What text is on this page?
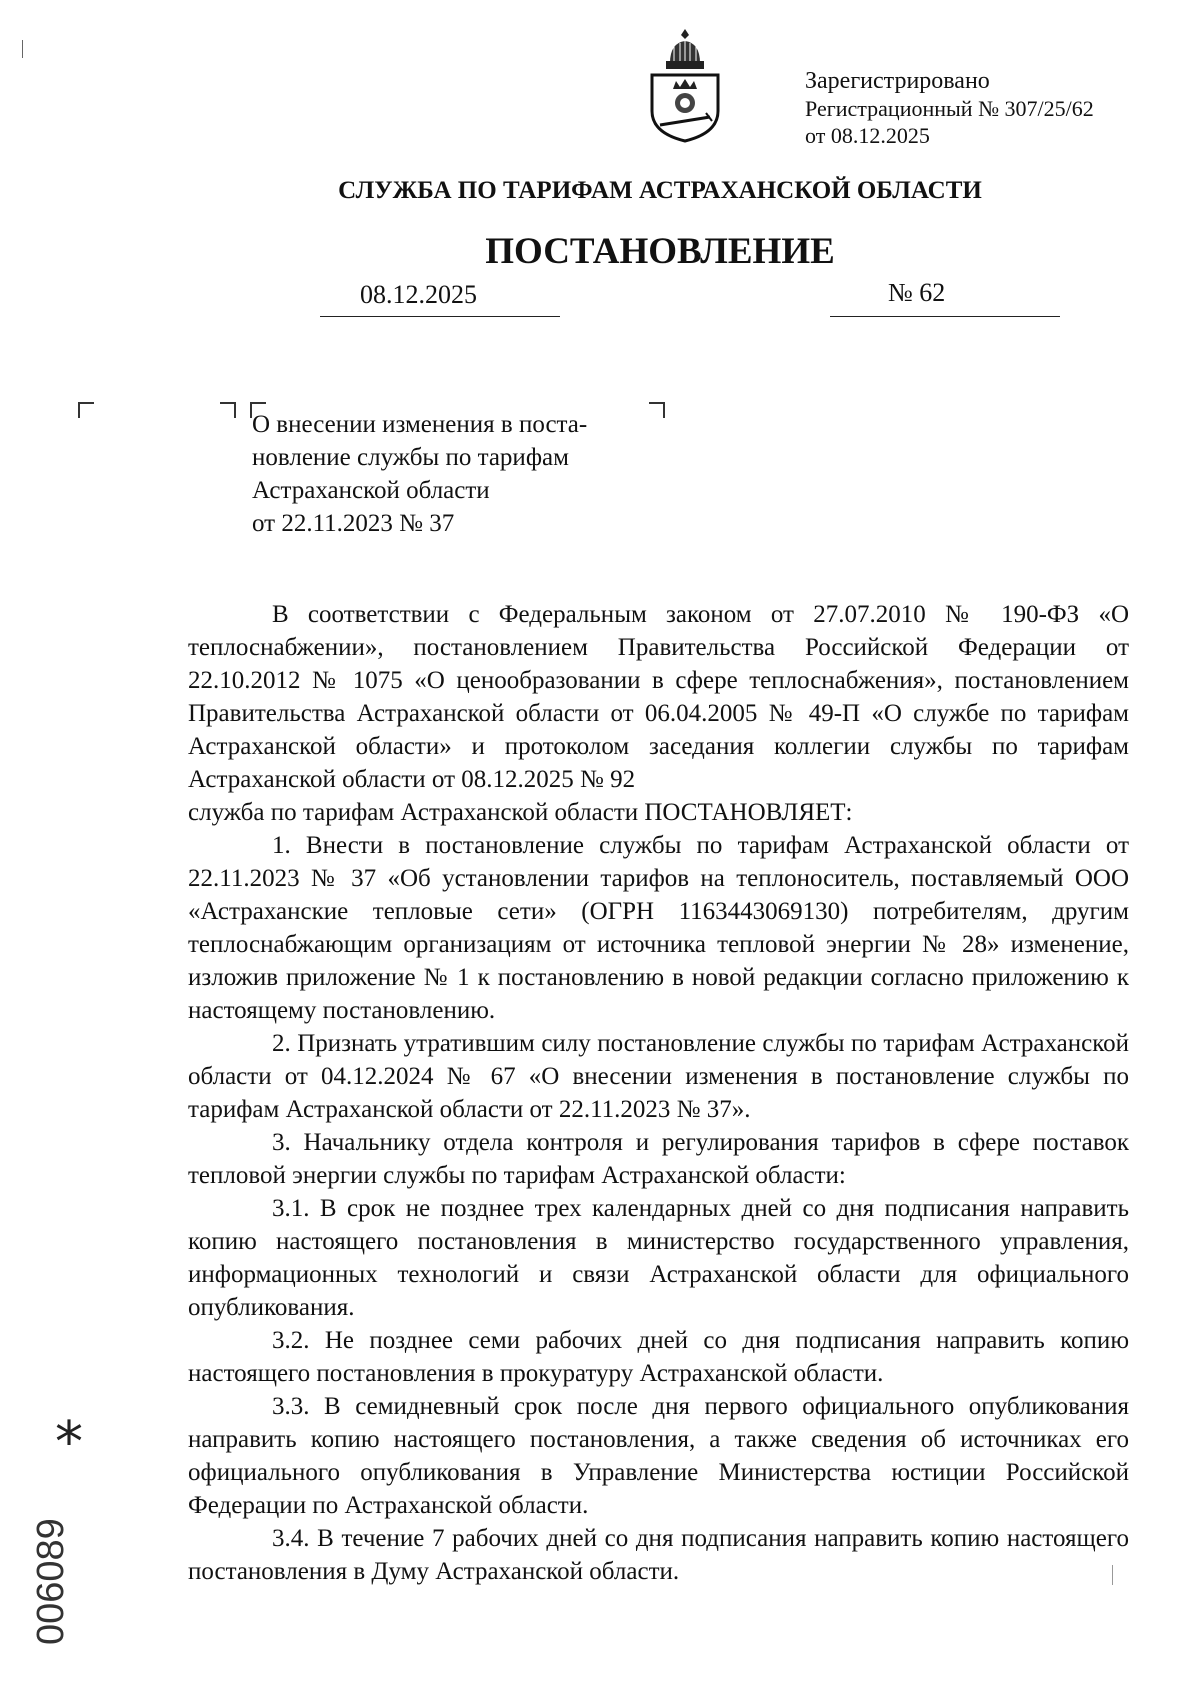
Зарегистрировано
Регистрационный № 307/25/62
от 08.12.2025
СЛУЖБА ПО ТАРИФАМ АСТРАХАНСКОЙ ОБЛАСТИ
ПОСТАНОВЛЕНИЕ
08.12.2025	№ 62
О внесении изменения в поста-
новление службы по тарифам
Астраханской области
от 22.11.2023 № 37

В соответствии с Федеральным законом от 27.07.2010 № 190-ФЗ «О теплоснабжении», постановлением Правительства Российской Федерации от 22.10.2012 № 1075 «О ценообразовании в сфере теплоснабжения», постановлением Правительства Астраханской области от 06.04.2005 № 49-П «О службе по тарифам Астраханской области» и протоколом заседания коллегии службы по тарифам Астраханской области от 08.12.2025 № 92

служба по тарифам Астраханской области ПОСТАНОВЛЯЕТ:

1. Внести в постановление службы по тарифам Астраханской области от 22.11.2023 № 37 «Об установлении тарифов на теплоноситель, поставляемый ООО «Астраханские тепловые сети» (ОГРН 1163443069130) потребителям, другим теплоснабжающим организациям от источника тепловой энергии № 28» изменение, изложив приложение № 1 к постановлению в новой редакции согласно приложению к настоящему постановлению.

2. Признать утратившим силу постановление службы по тарифам Астраханской области от 04.12.2024 № 67 «О внесении изменения в постановление службы по тарифам Астраханской области от 22.11.2023 № 37».

3. Начальнику отдела контроля и регулирования тарифов в сфере поставок тепловой энергии службы по тарифам Астраханской области:

3.1. В срок не позднее трех календарных дней со дня подписания направить копию настоящего постановления в министерство государственного управления, информационных технологий и связи Астраханской области для официального опубликования.

3.2. Не позднее семи рабочих дней со дня подписания направить копию настоящего постановления в прокуратуру Астраханской области.

3.3. В семидневный срок после дня первого официального опубликования направить копию настоящего постановления, а также сведения об источниках его официального опубликования в Управление Министерства юстиции Российской Федерации по Астраханской области.

3.4. В течение 7 рабочих дней со дня подписания направить копию настоящего постановления в Думу Астраханской области.

*
006089
